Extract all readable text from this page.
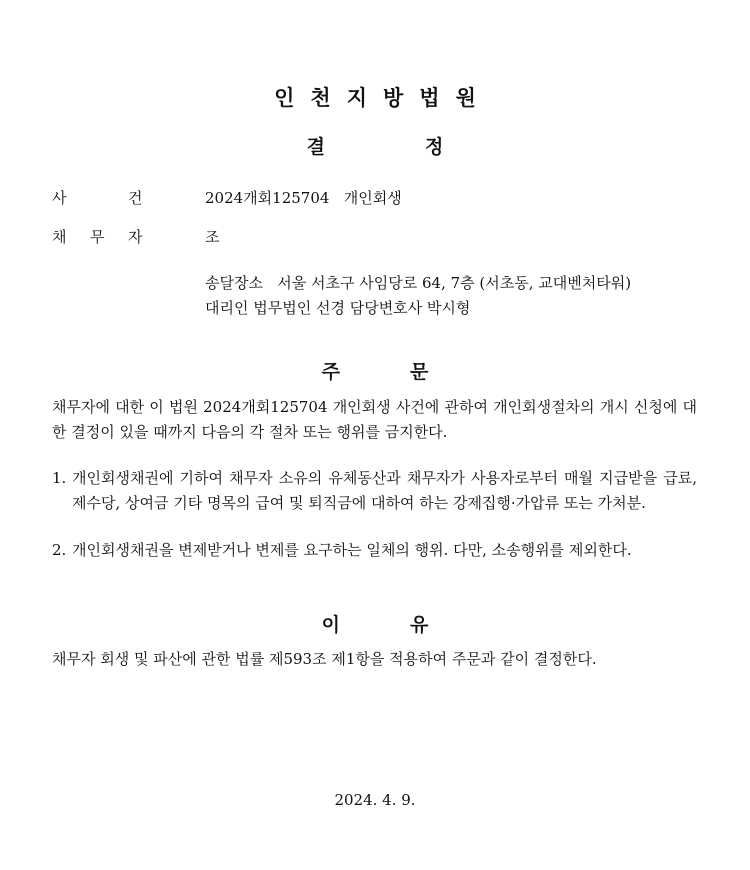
인천지방법원
결	정
사	건	2024개회125704   개인회생
채 무 자	조
송달장소   서울 서초구 사임당로 64, 7층 (서초동, 교대벤처타워)
대리인 법무법인 선경 담당변호사 박시형
주	문
채무자에 대한 이 법원 2024개회125704 개인회생 사건에 관하여 개인회생절차의 개시 신청에 대한 결정이 있을 때까지 다음의 각 절차 또는 행위를 금지한다.
1. 개인회생채권에 기하여 채무자 소유의 유체동산과 채무자가 사용자로부터 매월 지급받을 급료, 제수당, 상여금 기타 명목의 급여 및 퇴직금에 대하여 하는 강제집행·가압류 또는 가처분.
2. 개인회생채권을 변제받거나 변제를 요구하는 일체의 행위. 다만, 소송행위를 제외한다.
이	유
채무자 회생 및 파산에 관한 법률 제593조 제1항을 적용하여 주문과 같이 결정한다.
2024. 4. 9.
